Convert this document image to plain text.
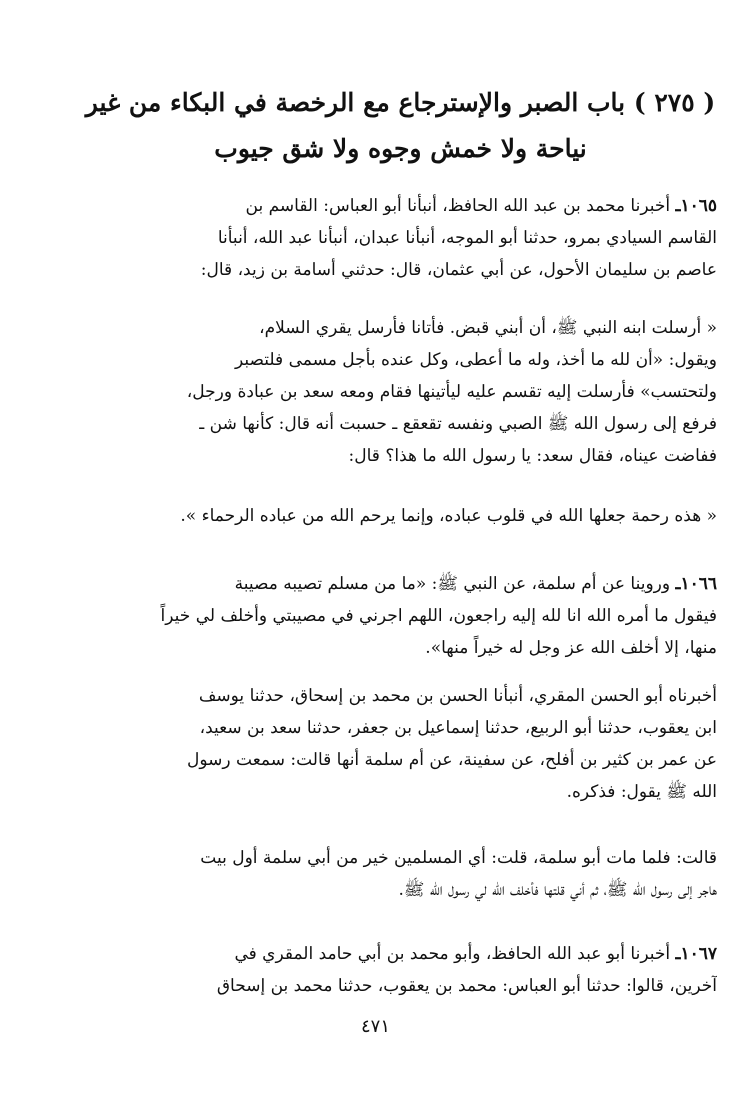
( ٢٧٥ ) باب الصبر والإسترجاع مع الرخصة في البكاء من غير
نياحة ولا خمش وجوه ولا شق جيوب
١٠٦٥ـ أخبرنا محمد بن عبد الله الحافظ، أنبأنا أبو العباس: القاسم بن
القاسم السيادي بمرو، حدثنا أبو الموجه، أنبأنا عبدان، أنبأنا عبد الله، أنبأنا
عاصم بن سليمان الأحول، عن أبي عثمان، قال: حدثني أسامة بن زيد، قال:
« أرسلت ابنه النبي ﷺ، أن أبني قبض. فأتانا فأرسل يقري السلام،
ويقول: «أن لله ما أخذ، وله ما أعطى، وكل عنده بأجل مسمى فلتصبر
ولتحتسب» فأرسلت إليه تقسم عليه ليأتينها فقام ومعه سعد بن عبادة ورجل،
فرفع إلى رسول الله ﷺ الصبي ونفسه تقعقع ـ حسبت أنه قال: كأنها شن ـ
ففاضت عيناه، فقال سعد: يا رسول الله ما هذا؟ قال:
« هذه رحمة جعلها الله في قلوب عباده، وإنما يرحم الله من عباده الرحماء ».
١٠٦٦ـ وروينا عن أم سلمة، عن النبي ﷺ: «ما من مسلم تصيبه مصيبة
فيقول ما أمره الله انا لله إليه راجعون، اللهم اجرني في مصيبتي وأخلف لي خيراً
منها، إلا أخلف الله عز وجل له خيراً منها».
أخبرناه أبو الحسن المقري، أنبأنا الحسن بن محمد بن إسحاق، حدثنا يوسف
ابن يعقوب، حدثنا أبو الربيع، حدثنا إسماعيل بن جعفر، حدثنا سعد بن سعيد،
عن عمر بن كثير بن أفلح، عن سفينة، عن أم سلمة أنها قالت: سمعت رسول
الله ﷺ يقول: فذكره.
قالت: فلما مات أبو سلمة، قلت: أي المسلمين خير من أبي سلمة أول بيت
هاجر إلى رسول الله ﷺ، ثم أني قلتها فأخلف الله لي رسول الله ﷺ.
١٠٦٧ـ أخبرنا أبو عبد الله الحافظ، وأبو محمد بن أبي حامد المقري في
آخرين، قالوا: حدثنا أبو العباس: محمد بن يعقوب، حدثنا محمد بن إسحاق
٤٧١
